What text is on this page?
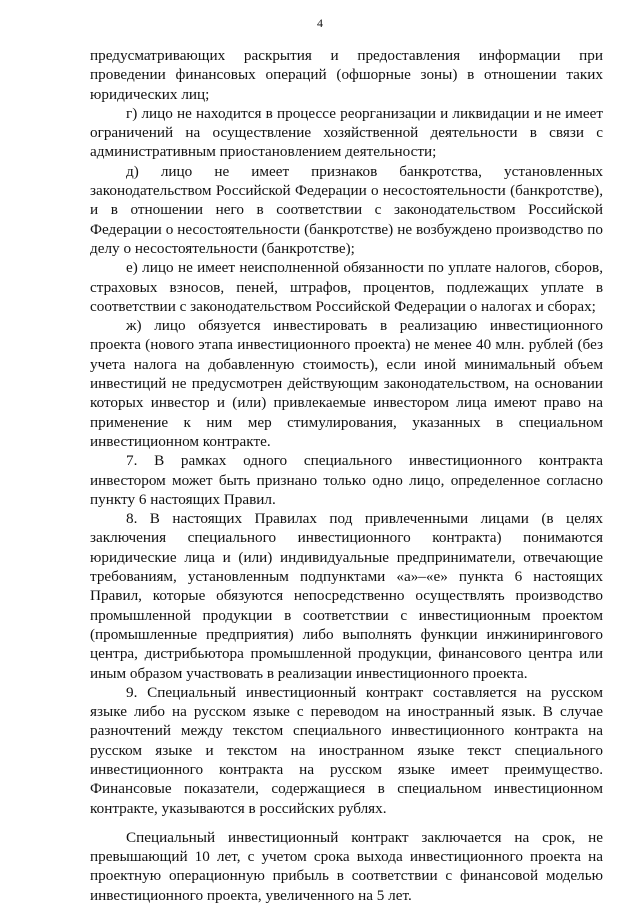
4

предусматривающих раскрытия и предоставления информации при проведении финансовых операций (офшорные зоны) в отношении таких юридических лиц;

г) лицо не находится в процессе реорганизации и ликвидации и не имеет ограничений на осуществление хозяйственной деятельности в связи с административным приостановлением деятельности;

д) лицо не имеет признаков банкротства, установленных законодательством Российской Федерации о несостоятельности (банкротстве), и в отношении него в соответствии с законодательством Российской Федерации о несостоятельности (банкротстве) не возбуждено производство по делу о несостоятельности (банкротстве);

е) лицо не имеет неисполненной обязанности по уплате налогов, сборов, страховых взносов, пеней, штрафов, процентов, подлежащих уплате в соответствии с законодательством Российской Федерации о налогах и сборах;

ж) лицо обязуется инвестировать в реализацию инвестиционного проекта (нового этапа инвестиционного проекта) не менее 40 млн. рублей (без учета налога на добавленную стоимость), если иной минимальный объем инвестиций не предусмотрен действующим законодательством, на основании которых инвестор и (или) привлекаемые инвестором лица имеют право на применение к ним мер стимулирования, указанных в специальном инвестиционном контракте.

7. В рамках одного специального инвестиционного контракта инвестором может быть признано только одно лицо, определенное согласно пункту 6 настоящих Правил.

8. В настоящих Правилах под привлеченными лицами (в целях заключения специального инвестиционного контракта) понимаются юридические лица и (или) индивидуальные предприниматели, отвечающие требованиям, установленным подпунктами «а»–«е» пункта 6 настоящих Правил, которые обязуются непосредственно осуществлять производство промышленной продукции в соответствии с инвестиционным проектом (промышленные предприятия) либо выполнять функции инжинирингового центра, дистрибьютора промышленной продукции, финансового центра или иным образом участвовать в реализации инвестиционного проекта.

9. Специальный инвестиционный контракт составляется на русском языке либо на русском языке с переводом на иностранный язык. В случае разночтений между текстом специального инвестиционного контракта на русском языке и текстом на иностранном языке текст специального инвестиционного контракта на русском языке имеет преимущество. Финансовые показатели, содержащиеся в специальном инвестиционном контракте, указываются в российских рублях.

Специальный инвестиционный контракт заключается на срок, не превышающий 10 лет, с учетом срока выхода инвестиционного проекта на проектную операционную прибыль в соответствии с финансовой моделью инвестиционного проекта, увеличенного на 5 лет.
